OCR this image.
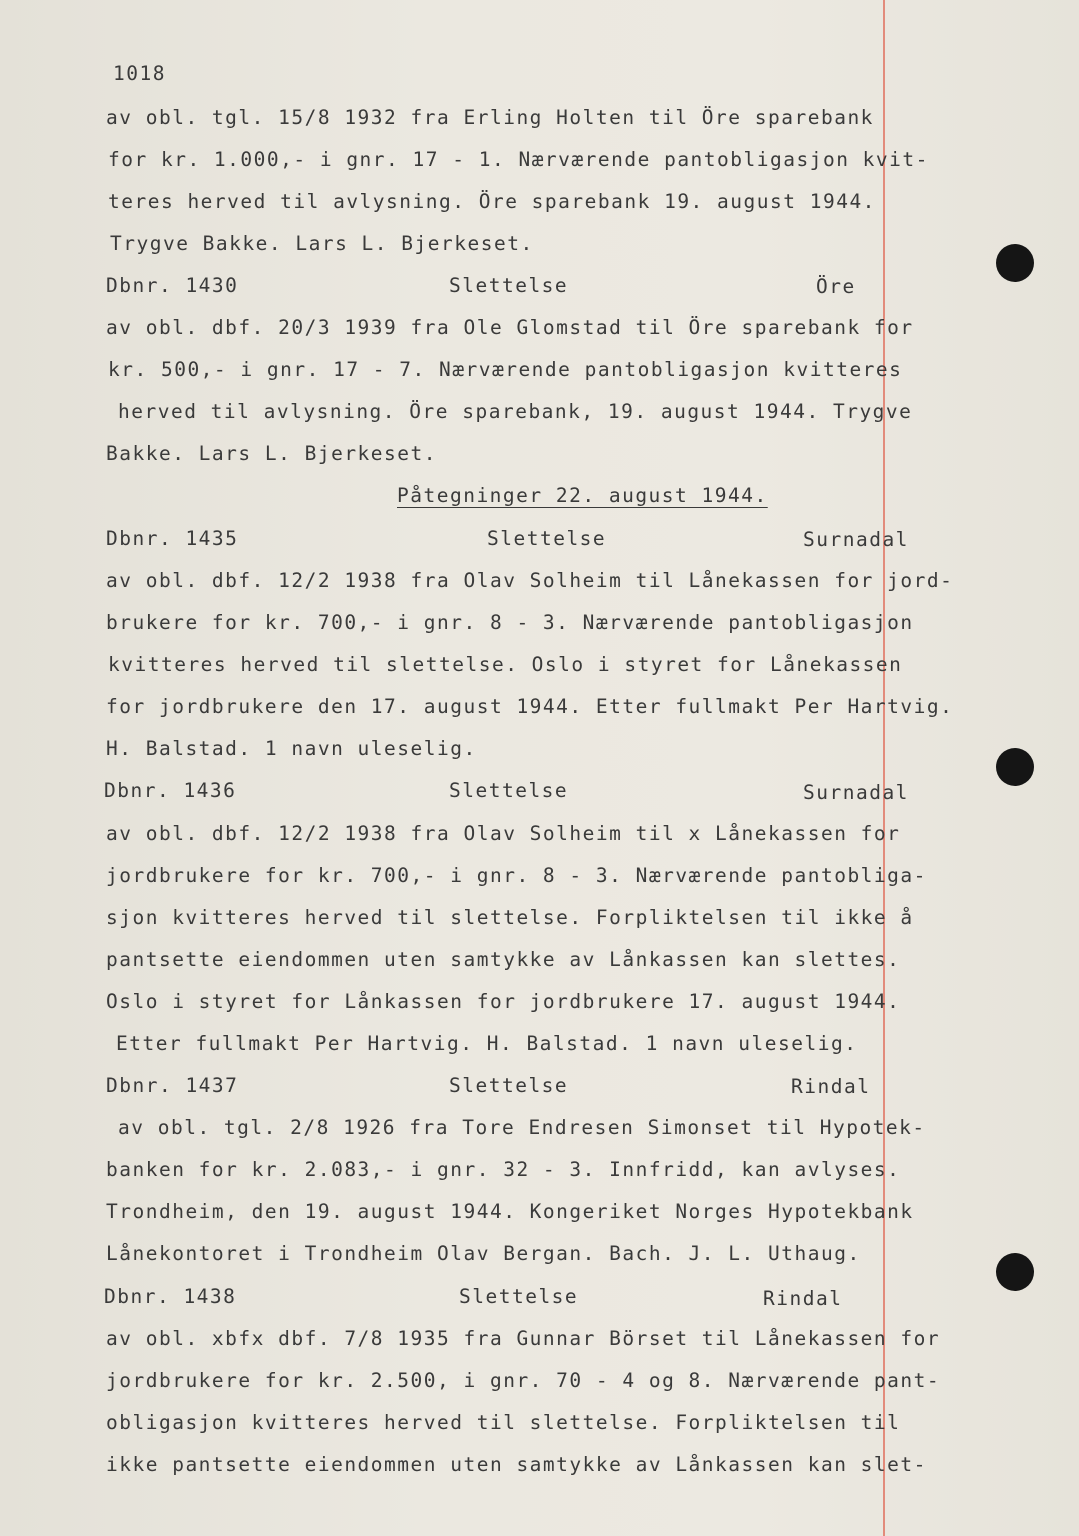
1018
av obl. tgl. 15/8 1932 fra Erling Holten til Öre sparebank
for kr. 1.000,- i gnr. 17 - 1. Nærværende pantobligasjon kvit-
teres herved til avlysning. Öre sparebank 19. august 1944.
Trygve Bakke. Lars L. Bjerkeset.
Dbnr. 1430	Slettelse	Öre
av obl. dbf. 20/3 1939 fra Ole Glomstad til Öre sparebank for
kr. 500,- i gnr. 17 - 7. Nærværende pantobligasjon kvitteres
herved til avlysning. Öre sparebank, 19. august 1944. Trygve
Bakke. Lars L. Bjerkeset.
Påtegninger 22. august 1944.
Dbnr. 1435	Slettelse	Surnadal
av obl. dbf. 12/2 1938 fra Olav Solheim til Lånekassen for jord-
brukere for kr. 700,- i gnr. 8 - 3. Nærværende pantobligasjon
kvitteres herved til slettelse. Oslo i styret for Lånekassen
for jordbrukere den 17. august 1944. Etter fullmakt Per Hartvig.
H. Balstad. 1 navn uleselig.
Dbnr. 1436	Slettelse	Surnadal
av obl. dbf. 12/2 1938 fra Olav Solheim til x Lånekassen for
jordbrukere for kr. 700,- i gnr. 8 - 3. Nærværende pantobliga-
sjon kvitteres herved til slettelse. Forpliktelsen til ikke å
pantsette eiendommen uten samtykke av Lånkassen kan slettes.
Oslo i styret for Lånkassen for jordbrukere 17. august 1944.
Etter fullmakt Per Hartvig. H. Balstad. 1 navn uleselig.
Dbnr. 1437	Slettelse	Rindal
av obl. tgl. 2/8 1926 fra Tore Endresen Simonset til Hypotek-
banken for kr. 2.083,- i gnr. 32 - 3. Innfridd, kan avlyses.
Trondheim, den 19. august 1944. Kongeriket Norges Hypotekbank
Lånekontoret i Trondheim Olav Bergan. Bach. J. L. Uthaug.
Dbnr. 1438	Slettelse	Rindal
av obl. xbfx dbf. 7/8 1935 fra Gunnar Börset til Lånekassen for
jordbrukere for kr. 2.500, i gnr. 70 - 4 og 8. Nærværende pant-
obligasjon kvitteres herved til slettelse. Forpliktelsen til
ikke pantsette eiendommen uten samtykke av Lånkassen kan slet-
